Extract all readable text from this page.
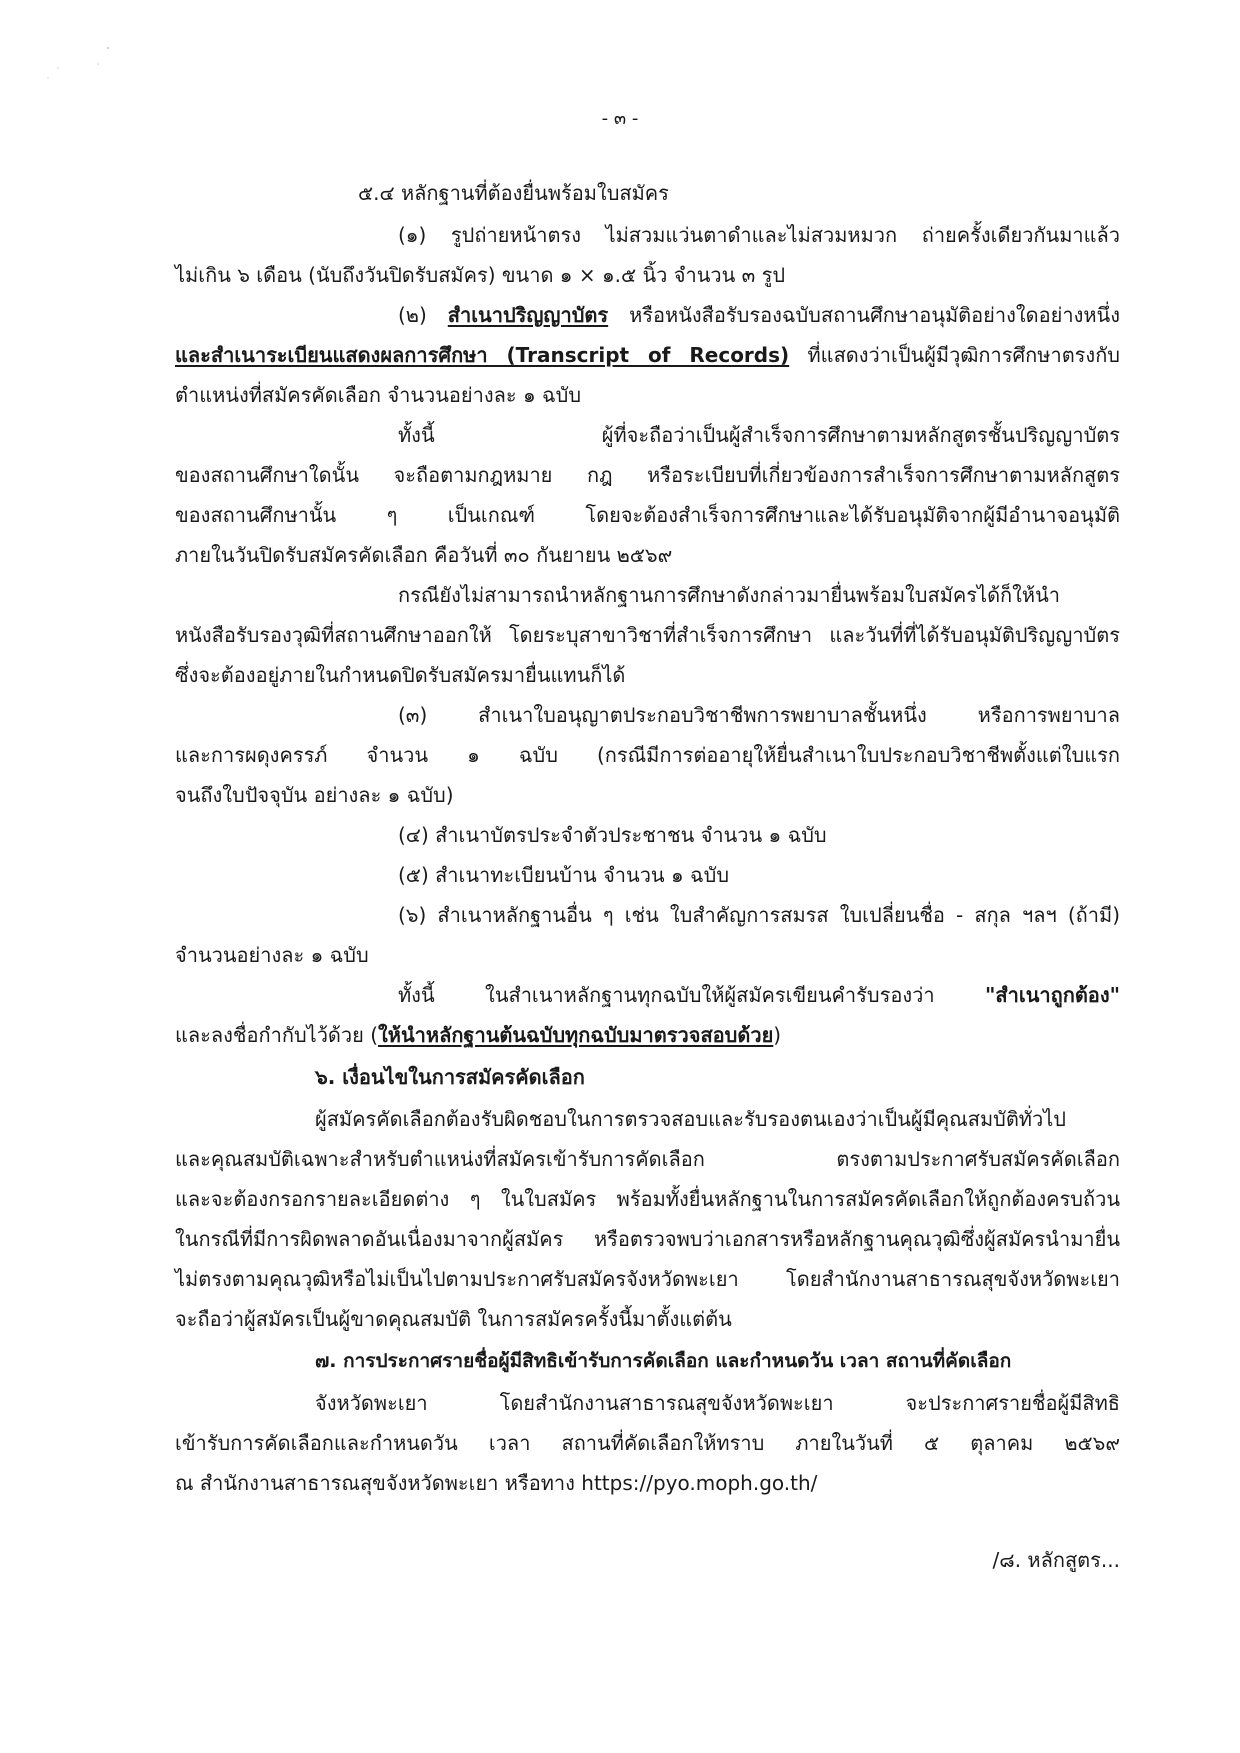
- ๓ -
๕.๔ หลักฐานที่ต้องยื่นพร้อมใบสมัคร
(๑) รูปถ่ายหน้าตรง ไม่สวมแว่นตาดำและไม่สวมหมวก ถ่ายครั้งเดียวกันมาแล้ว
ไม่เกิน ๖ เดือน (นับถึงวันปิดรับสมัคร) ขนาด ๑ × ๑.๕ นิ้ว จำนวน ๓ รูป
(๒) สำเนาปริญญาบัตร หรือหนังสือรับรองฉบับสถานศึกษาอนุมัติอย่างใดอย่างหนึ่ง
และสำเนาระเบียนแสดงผลการศึกษา (Transcript of Records) ที่แสดงว่าเป็นผู้มีวุฒิการศึกษาตรงกับ
ตำแหน่งที่สมัครคัดเลือก จำนวนอย่างละ ๑ ฉบับ
ทั้งนี้ ผู้ที่จะถือว่าเป็นผู้สำเร็จการศึกษาตามหลักสูตรชั้นปริญญาบัตร
ของสถานศึกษาใดนั้น จะถือตามกฎหมาย กฎ หรือระเบียบที่เกี่ยวข้องการสำเร็จการศึกษาตามหลักสูตร
ของสถานศึกษานั้น ๆ เป็นเกณฑ์ โดยจะต้องสำเร็จการศึกษาและได้รับอนุมัติจากผู้มีอำนาจอนุมัติ
ภายในวันปิดรับสมัครคัดเลือก คือวันที่ ๓๐ กันยายน ๒๕๖๙
กรณียังไม่สามารถนำหลักฐานการศึกษาดังกล่าวมายื่นพร้อมใบสมัครได้ก็ให้นำ
หนังสือรับรองวุฒิที่สถานศึกษาออกให้ โดยระบุสาขาวิชาที่สำเร็จการศึกษา และวันที่ที่ได้รับอนุมัติปริญญาบัตร
ซึ่งจะต้องอยู่ภายในกำหนดปิดรับสมัครมายื่นแทนก็ได้
(๓) สำเนาใบอนุญาตประกอบวิชาชีพการพยาบาลชั้นหนึ่ง หรือการพยาบาล
และการผดุงครรภ์ จำนวน ๑ ฉบับ (กรณีมีการต่ออายุให้ยื่นสำเนาใบประกอบวิชาชีพตั้งแต่ใบแรก
จนถึงใบปัจจุบัน อย่างละ ๑ ฉบับ)
(๔) สำเนาบัตรประจำตัวประชาชน จำนวน ๑ ฉบับ
(๕) สำเนาทะเบียนบ้าน จำนวน ๑ ฉบับ
(๖) สำเนาหลักฐานอื่น ๆ เช่น ใบสำคัญการสมรส ใบเปลี่ยนชื่อ - สกุล ฯลฯ (ถ้ามี)
จำนวนอย่างละ ๑ ฉบับ
ทั้งนี้ ในสำเนาหลักฐานทุกฉบับให้ผู้สมัครเขียนคำรับรองว่า "สำเนาถูกต้อง"
และลงชื่อกำกับไว้ด้วย (ให้นำหลักฐานต้นฉบับทุกฉบับมาตรวจสอบด้วย)
๖. เงื่อนไขในการสมัครคัดเลือก
ผู้สมัครคัดเลือกต้องรับผิดชอบในการตรวจสอบและรับรองตนเองว่าเป็นผู้มีคุณสมบัติทั่วไป
และคุณสมบัติเฉพาะสำหรับตำแหน่งที่สมัครเข้ารับการคัดเลือก ตรงตามประกาศรับสมัครคัดเลือก
และจะต้องกรอกรายละเอียดต่าง ๆ ในใบสมัคร พร้อมทั้งยื่นหลักฐานในการสมัครคัดเลือกให้ถูกต้องครบถ้วน
ในกรณีที่มีการผิดพลาดอันเนื่องมาจากผู้สมัคร หรือตรวจพบว่าเอกสารหรือหลักฐานคุณวุฒิซึ่งผู้สมัครนำมายื่น
ไม่ตรงตามคุณวุฒิหรือไม่เป็นไปตามประกาศรับสมัครจังหวัดพะเยา โดยสำนักงานสาธารณสุขจังหวัดพะเยา
จะถือว่าผู้สมัครเป็นผู้ขาดคุณสมบัติ ในการสมัครครั้งนี้มาตั้งแต่ต้น
๗. การประกาศรายชื่อผู้มีสิทธิเข้ารับการคัดเลือก และกำหนดวัน เวลา สถานที่คัดเลือก
จังหวัดพะเยา โดยสำนักงานสาธารณสุขจังหวัดพะเยา จะประกาศรายชื่อผู้มีสิทธิ
เข้ารับการคัดเลือกและกำหนดวัน เวลา สถานที่คัดเลือกให้ทราบ ภายในวันที่ ๕ ตุลาคม ๒๕๖๙
ณ สำนักงานสาธารณสุขจังหวัดพะเยา หรือทาง https://pyo.moph.go.th/
/๘. หลักสูตร...
